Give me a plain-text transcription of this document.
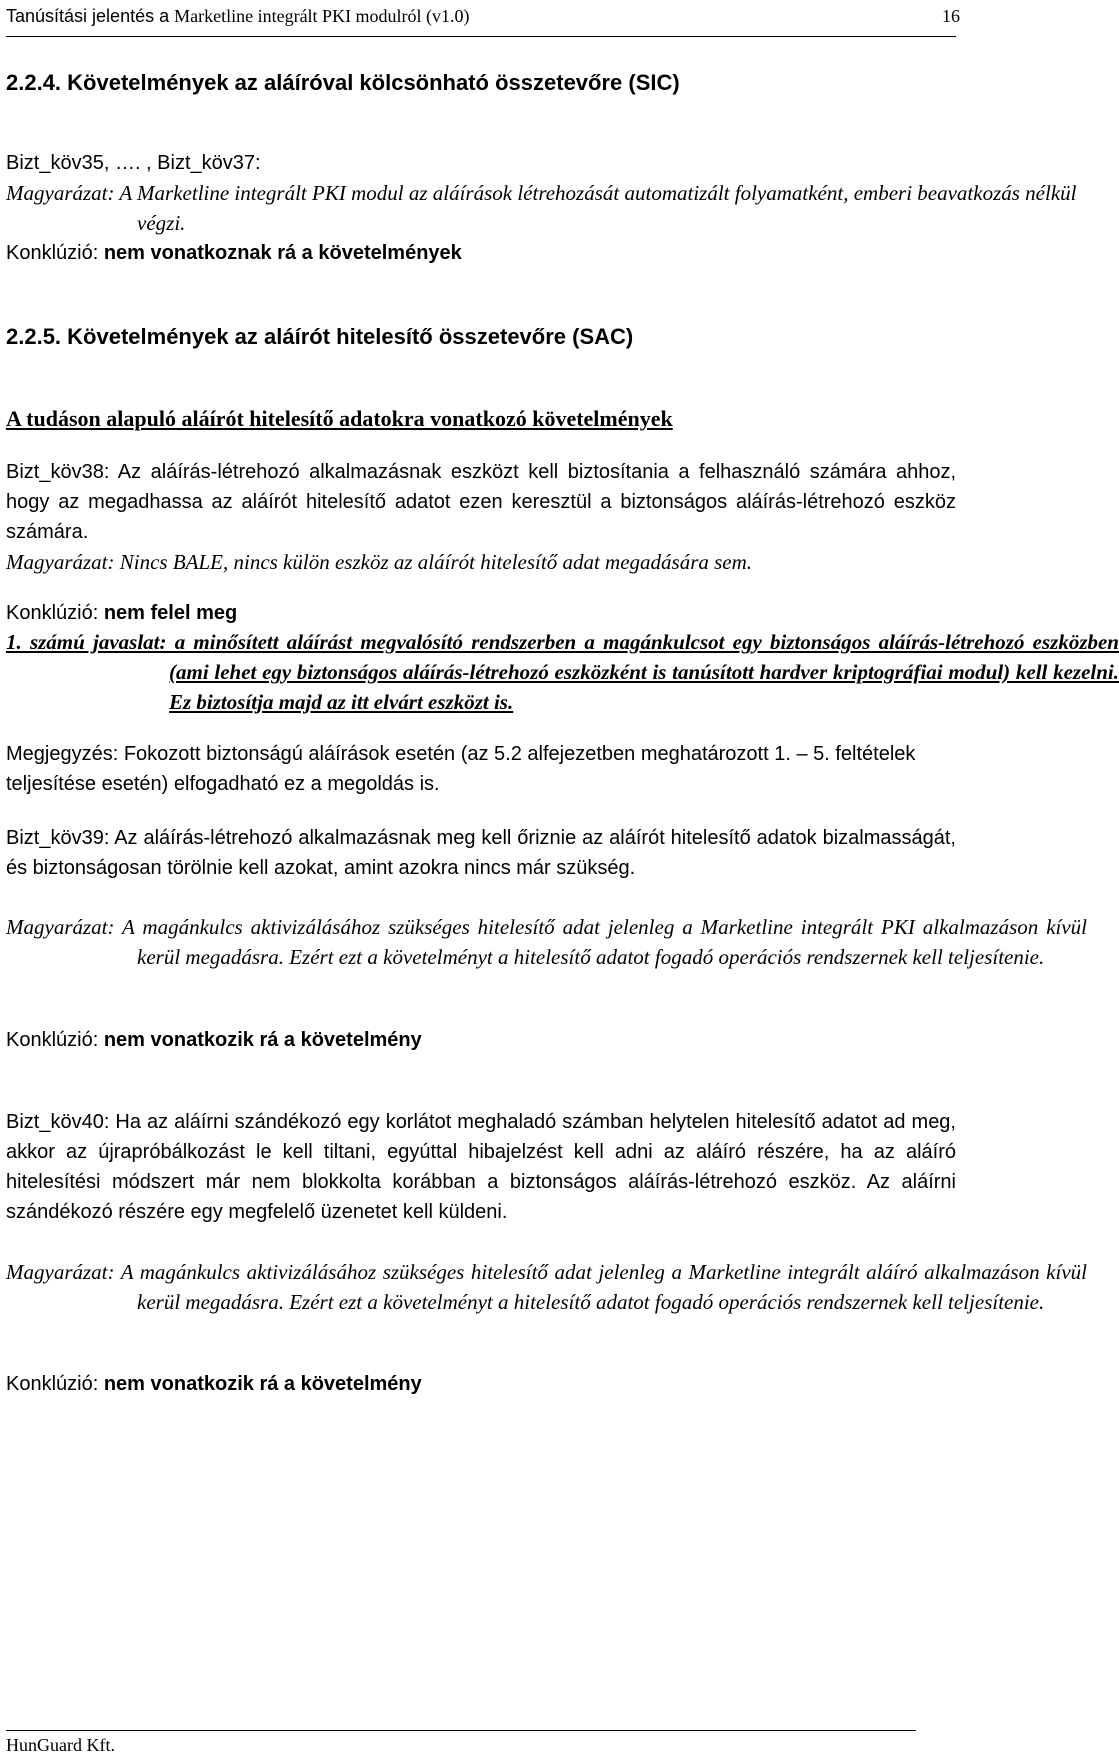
Tanúsítási jelentés a Marketline integrált PKI modulról (v1.0)	16
2.2.4. Követelmények az aláíróval kölcsönható összetevőre (SIC)
Bizt_köv35, …. , Bizt_köv37:
Magyarázat: A Marketline integrált PKI modul az aláírások létrehozását automatizált folyamatként, emberi beavatkozás nélkül végzi.
Konklúzió: nem vonatkoznak rá a követelmények
2.2.5. Követelmények az aláírót hitelesítő összetevőre (SAC)
A tudáson alapuló aláírót hitelesítő adatokra vonatkozó követelmények
Bizt_köv38: Az aláírás-létrehozó alkalmazásnak eszközt kell biztosítania a felhasználó számára ahhoz, hogy az megadhassa az aláírót hitelesítő adatot ezen keresztül a biztonságos aláírás-létrehozó eszköz számára.
Magyarázat: Nincs BALE, nincs külön eszköz az aláírót hitelesítő adat megadására sem.
Konklúzió: nem felel meg
1. számú javaslat: a minősített aláírást megvalósító rendszerben a magánkulcsot egy biztonságos aláírás-létrehozó eszközben (ami lehet egy biztonságos aláírás-létrehozó eszközként is tanúsított hardver kriptográfiai modul) kell kezelni. Ez biztosítja majd az itt elvárt eszközt is.
Megjegyzés: Fokozott biztonságú aláírások esetén (az 5.2 alfejezetben meghatározott 1. – 5. feltételek teljesítése esetén) elfogadható ez a megoldás is.
Bizt_köv39: Az aláírás-létrehozó alkalmazásnak meg kell őriznie az aláírót hitelesítő adatok bizalmasságát, és biztonságosan törölnie kell azokat, amint azokra nincs már szükség.
Magyarázat: A magánkulcs aktivizálásához szükséges hitelesítő adat jelenleg a Marketline integrált PKI alkalmazáson kívül kerül megadásra. Ezért ezt a követelményt a hitelesítő adatot fogadó operációs rendszernek kell teljesítenie.
Konklúzió: nem vonatkozik rá a követelmény
Bizt_köv40: Ha az aláírni szándékozó egy korlátot meghaladó számban helytelen hitelesítő adatot ad meg, akkor az újrapróbálkozást le kell tiltani, egyúttal hibajelzést kell adni az aláíró részére, ha az aláíró hitelesítési módszert már nem blokkolta korábban a biztonságos aláírás-létrehozó eszköz. Az aláírni szándékozó részére egy megfelelő üzenetet kell küldeni.
Magyarázat: A magánkulcs aktivizálásához szükséges hitelesítő adat jelenleg a Marketline integrált aláíró alkalmazáson kívül kerül megadásra. Ezért ezt a követelményt a hitelesítő adatot fogadó operációs rendszernek kell teljesítenie.
Konklúzió: nem vonatkozik rá a követelmény
HunGuard Kft.
